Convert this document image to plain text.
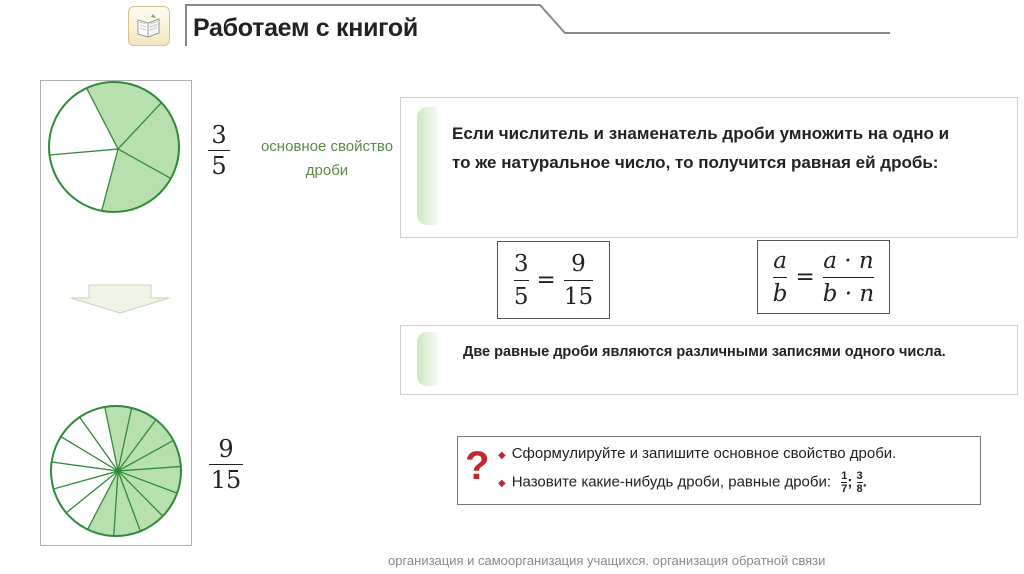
Работаем с книгой
3
5
9
15
основное свойство дроби
Если числитель и знаменатель дроби умножить на одно и
то же натуральное число, то получится равная ей дробь:
3
5
=
9
15
a
b
=
a · n
b · n
Две равные дроби являются различными записями одного числа.
? ◆ Сформулируйте и запишите основное свойство дроби.
◆ Назовите какие-нибудь дроби, равные дроби: $\frac{1}{7}$ ; $\frac{3}{8}$ .
организация и самоорганизация учащихся. организация обратной связи
